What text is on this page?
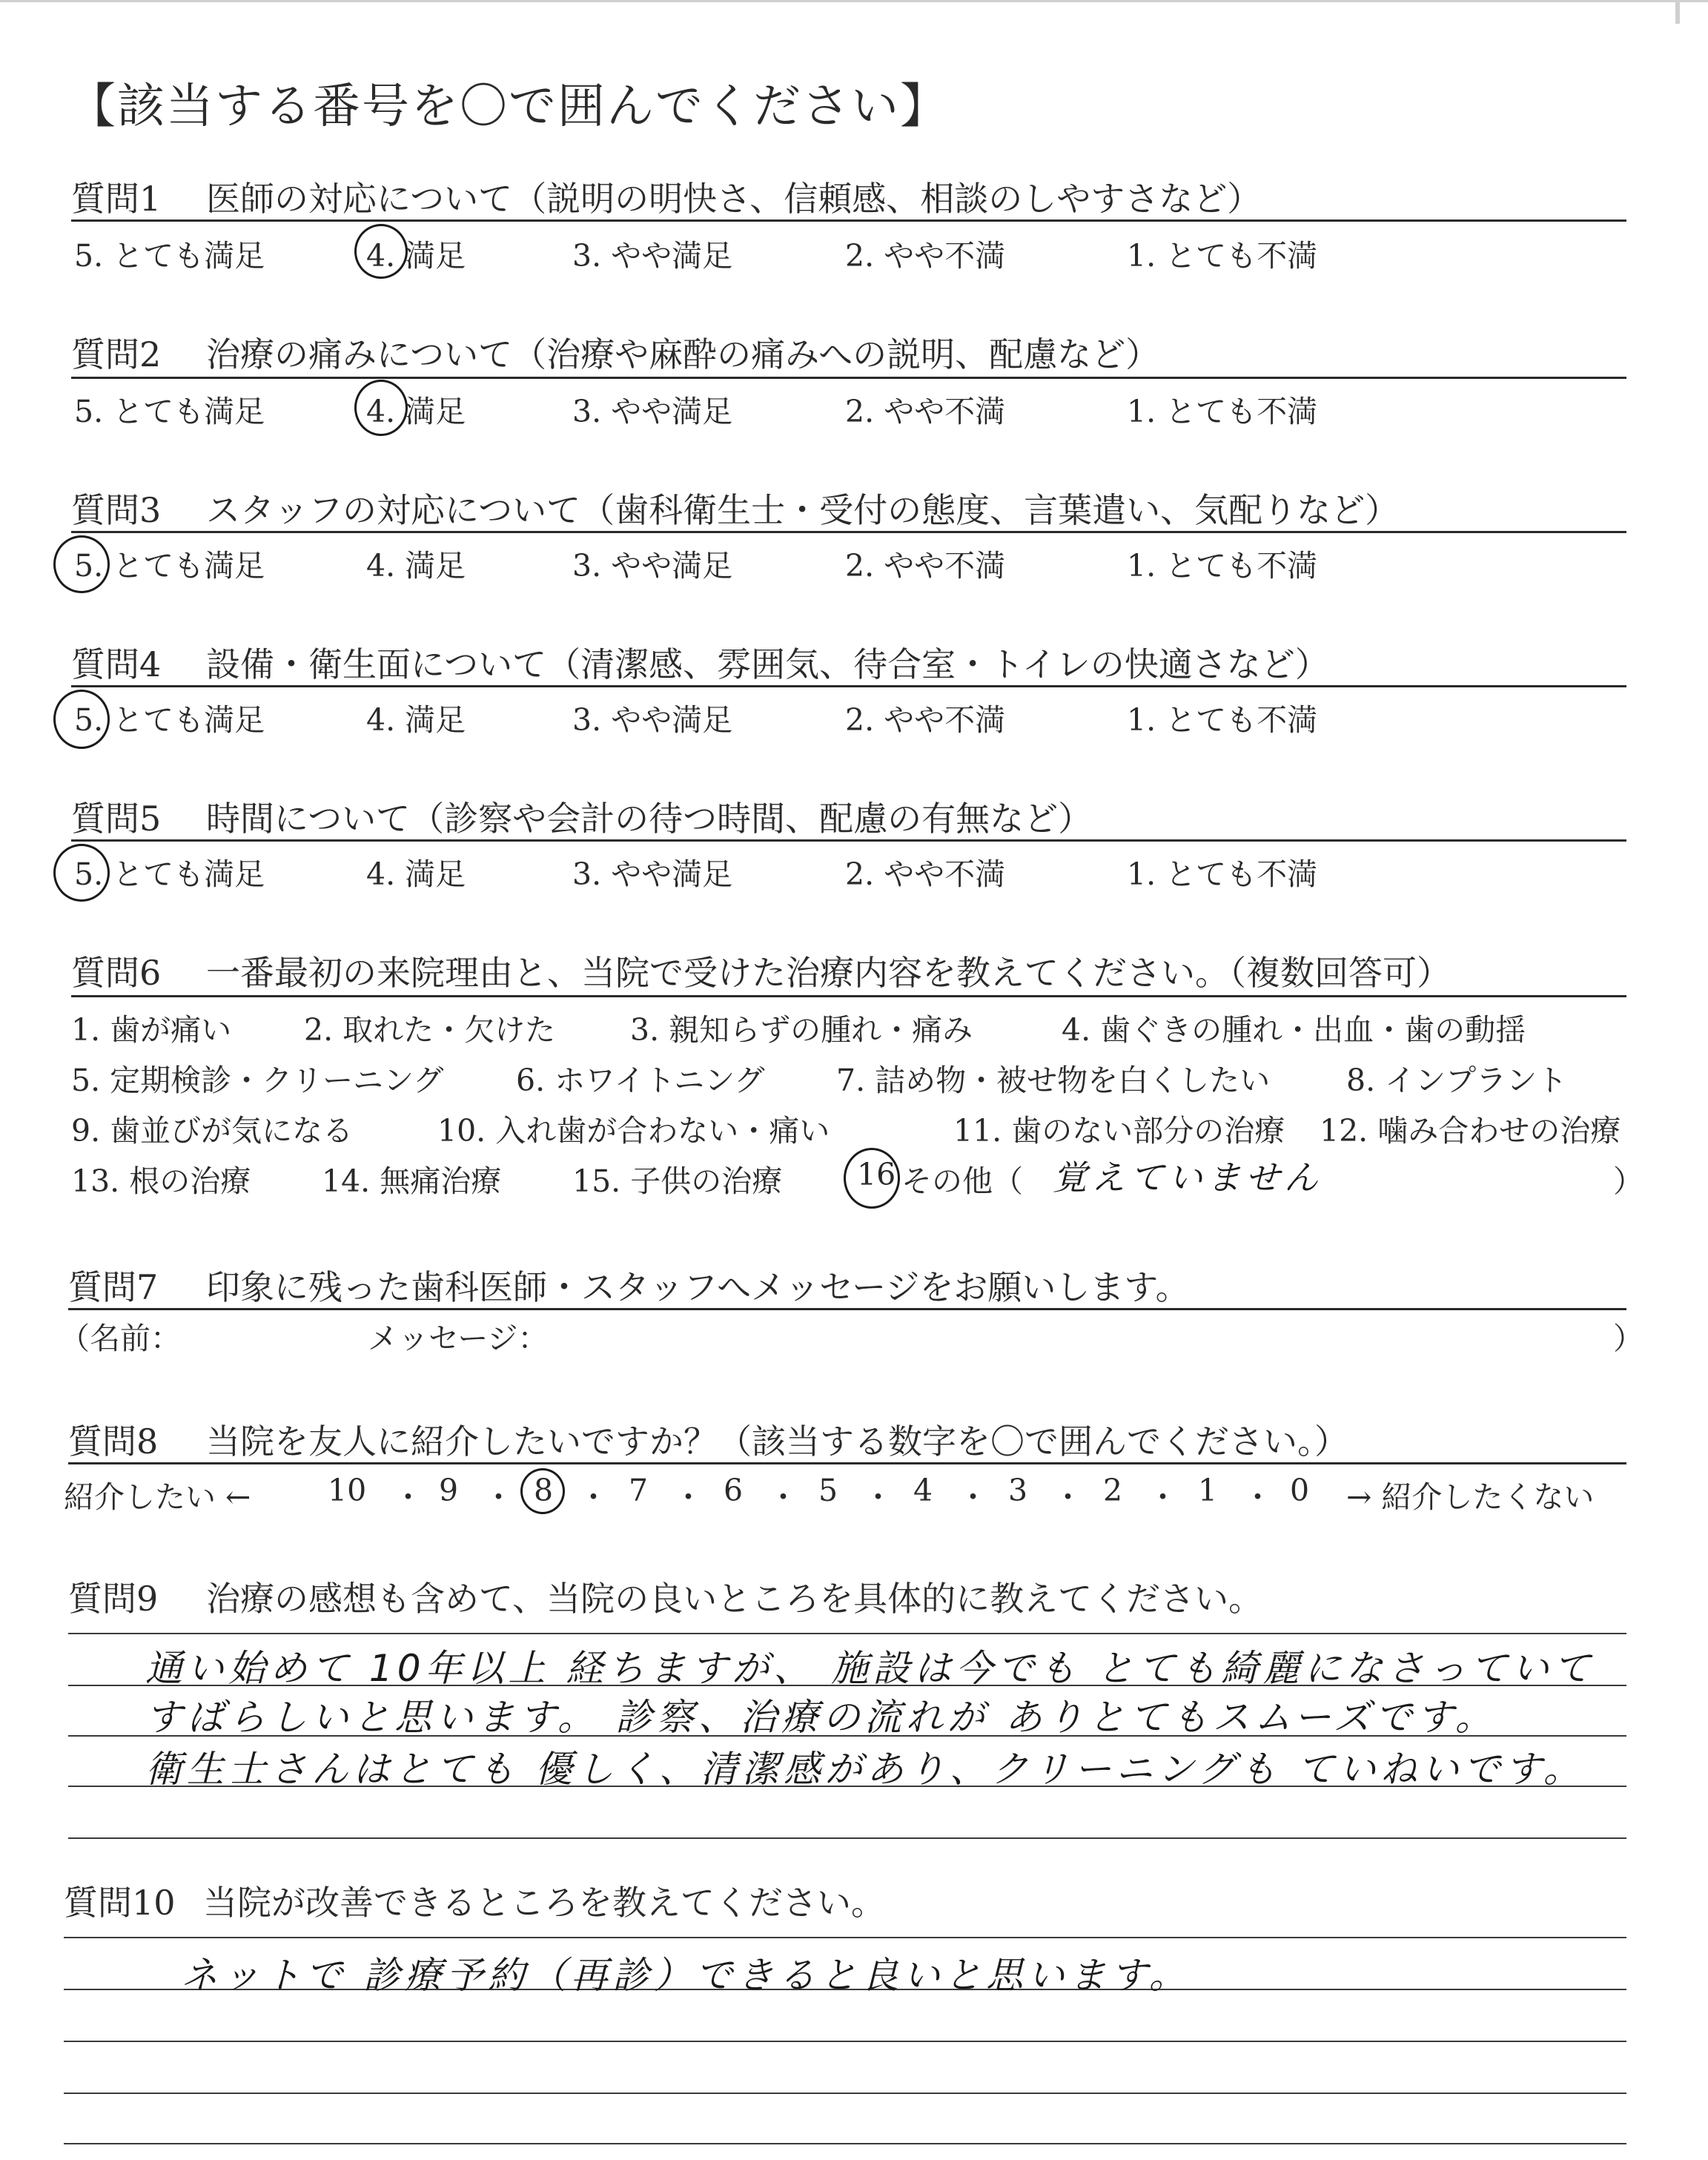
【該当する番号を〇で囲んでください】
質問1 医師の対応について（説明の明快さ、信頼感、相談のしやすさなど）
5. とても満足	4. 満足	3. やや満足	2. やや不満	1. とても不満
質問2 治療の痛みについて（治療や麻酔の痛みへの説明、配慮など）
5. とても満足	4. 満足	3. やや満足	2. やや不満	1. とても不満
質問3 スタッフの対応について（歯科衛生士・受付の態度、言葉遣い、気配りなど）
5. とても満足	4. 満足	3. やや満足	2. やや不満	1. とても不満
質問4 設備・衛生面について（清潔感、雰囲気、待合室・トイレの快適さなど）
5. とても満足	4. 満足	3. やや満足	2. やや不満	1. とても不満
質問5 時間について（診察や会計の待つ時間、配慮の有無など）
5. とても満足	4. 満足	3. やや満足	2. やや不満	1. とても不満
質問6 一番最初の来院理由と、当院で受けた治療内容を教えてください。（複数回答可）
1. 歯が痛い 2. 取れた・欠けた 3. 親知らずの腫れ・痛み	4. 歯ぐきの腫れ・出血・歯の動揺
5. 定期検診・クリーニング 6. ホワイトニング 7. 詰め物・被せ物を白くしたい	8. インプラント
9. 歯並びが気になる	10. 入れ歯が合わない・痛い	11. 歯のない部分の治療 12. 噛み合わせの治療
13. 根の治療 14. 無痛治療 15. 子供の治療 16 その他（ 覚えていません	）
質問7 印象に残った歯科医師・スタッフへメッセージをお願いします。
（名前：	メッセージ：	）
質問8 当院を友人に紹介したいですか？（該当する数字を〇で囲んでください。）
紹介したい ←	10 ・ 9 ・ 8 ・ 7 ・ 6 ・ 5 ・ 4 ・ 3 ・ 2 ・ 1 ・ 0 → 紹介したくない
質問9 治療の感想も含めて、当院の良いところを具体的に教えてください。
通い始めて 10年以上 経ちますが、 施設は今でも とても綺麗になさっていて
すばらしいと思います。 診察、治療の流れが ありとてもスムーズです。
衛生士さんはとても 優しく、清潔感があり、クリーニングも ていねいです。
質問10 当院が改善できるところを教えてください。
ネットで 診療予約（再診）できると良いと思います。
